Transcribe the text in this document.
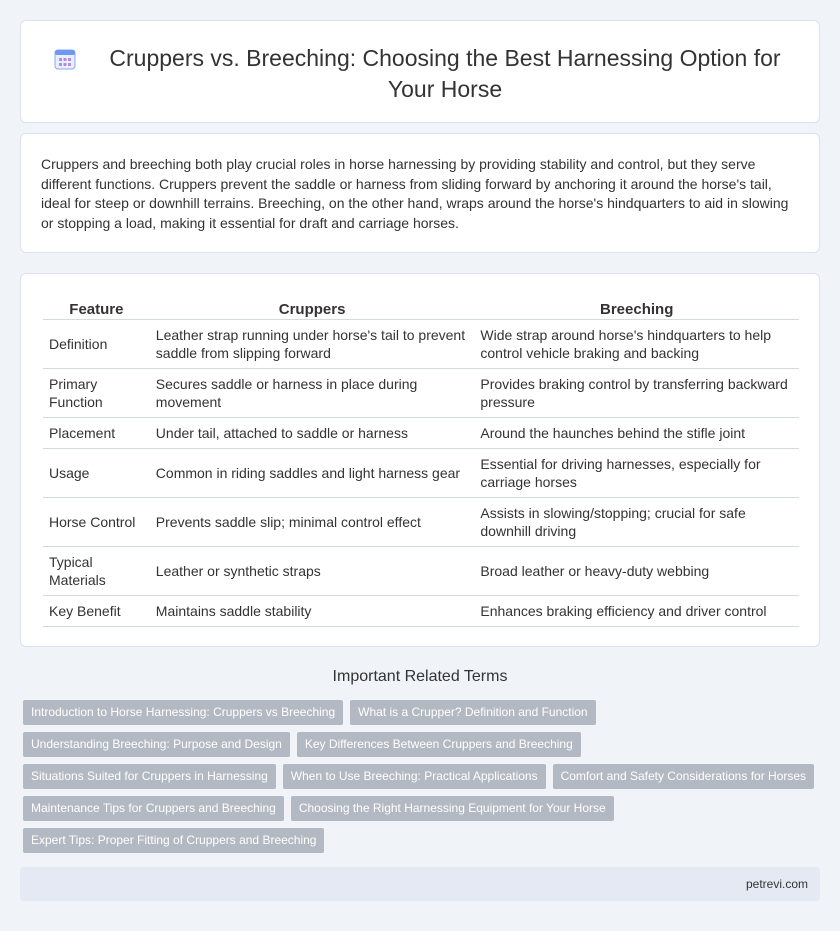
Cruppers vs. Breeching: Choosing the Best Harnessing Option for Your Horse

Cruppers and breeching both play crucial roles in horse harnessing by providing stability and control, but they serve different functions. Cruppers prevent the saddle or harness from sliding forward by anchoring it around the horse's tail, ideal for steep or downhill terrains. Breeching, on the other hand, wraps around the horse's hindquarters to aid in slowing or stopping a load, making it essential for draft and carriage horses.

Feature	Cruppers	Breeching
Definition	Leather strap running under horse's tail to prevent saddle from slipping forward	Wide strap around horse's hindquarters to help control vehicle braking and backing
Primary Function	Secures saddle or harness in place during movement	Provides braking control by transferring backward pressure
Placement	Under tail, attached to saddle or harness	Around the haunches behind the stifle joint
Usage	Common in riding saddles and light harness gear	Essential for driving harnesses, especially for carriage horses
Horse Control	Prevents saddle slip; minimal control effect	Assists in slowing/stopping; crucial for safe downhill driving
Typical Materials	Leather or synthetic straps	Broad leather or heavy-duty webbing
Key Benefit	Maintains saddle stability	Enhances braking efficiency and driver control
Important Related Terms
Introduction to Horse Harnessing: Cruppers vs Breeching	What is a Crupper? Definition and Function
Understanding Breeching: Purpose and Design	Key Differences Between Cruppers and Breeching
Situations Suited for Cruppers in Harnessing	When to Use Breeching: Practical Applications	Comfort and Safety Considerations for Horses
Maintenance Tips for Cruppers and Breeching	Choosing the Right Harnessing Equipment for Your Horse
Expert Tips: Proper Fitting of Cruppers and Breeching
petrevi.com
